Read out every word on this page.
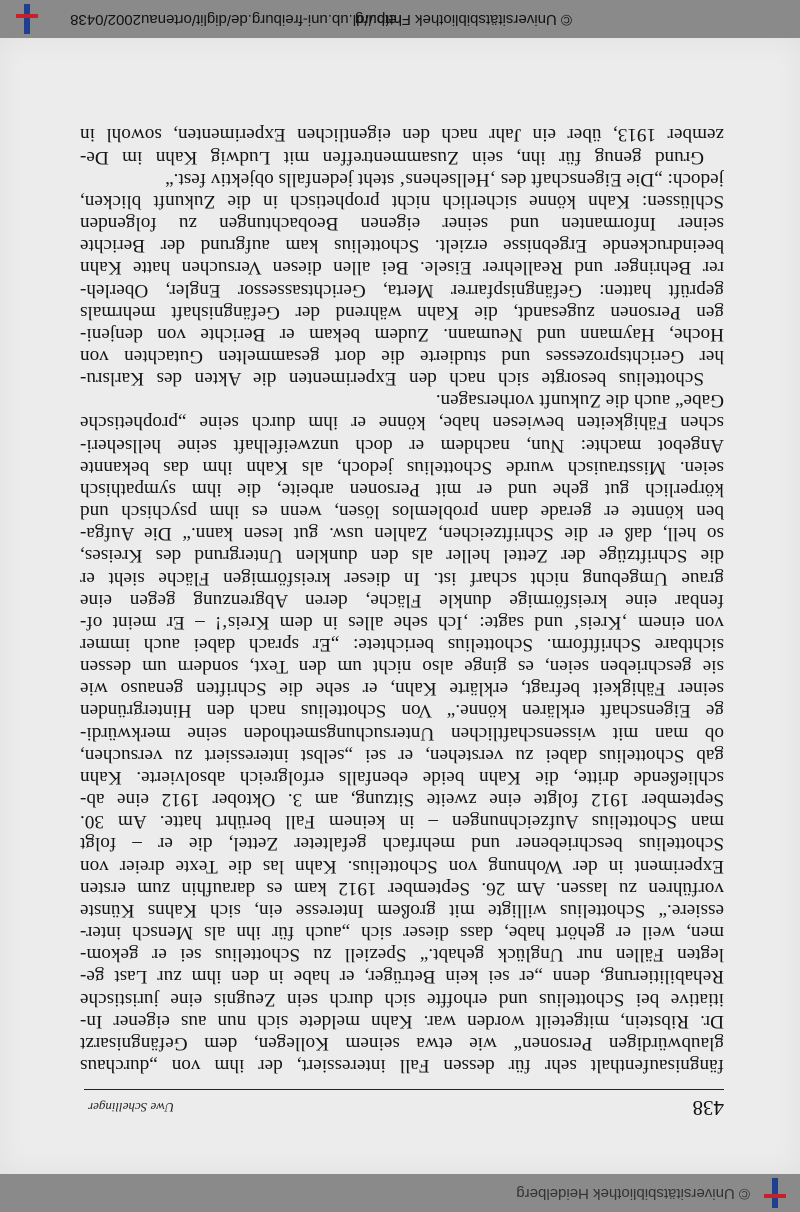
© Universitätsbibliothek Heidelberg
438
Uwe Schellinger
fängnisaufenthalt sehr für dessen Fall interessiert, der ihm von „durchaus
glaubwürdigen Personen“ wie etwa seinem Kollegen, dem Gefängnisarzt
Dr. Ribstein, mitgeteilt worden war. Kahn meldete sich nun aus eigener In-
itiative bei Schottelius und erhoffte sich durch sein Zeugnis eine juristische
Rehabilitierung, denn „er sei kein Betrüger, er habe in den ihm zur Last ge-
legten Fällen nur Unglück gehabt.“ Speziell zu Schottelius sei er gekom-
men, weil er gehört habe, dass dieser sich „auch für ihn als Mensch inter-
essiere.“ Schottelius willigte mit großem Interesse ein, sich Kahns Künste
vorführen zu lassen. Am 26. September 1912 kam es daraufhin zum ersten
Experiment in der Wohnung von Schottelius. Kahn las die Texte dreier von
Schottelius beschriebener und mehrfach gefalteter Zettel, die er – folgt
man Schottelius Aufzeichnungen – in keinem Fall berührt hatte. Am 30.
September 1912 folgte eine zweite Sitzung, am 3. Oktober 1912 eine ab-
schließende dritte, die Kahn beide ebenfalls erfolgreich absolvierte. Kahn
gab Schottelius dabei zu verstehen, er sei „selbst interessiert zu versuchen,
ob man mit wissenschaftlichen Untersuchungsmethoden seine merkwürdi-
ge Eigenschaft erklären könne.“ Von Schottelius nach den Hintergründen
seiner Fähigkeit befragt, erklärte Kahn, er sehe die Schriften genauso wie
sie geschrieben seien, es ginge also nicht um den Text, sondern um dessen
sichtbare Schriftform. Schottelius berichtete: „Er sprach dabei auch immer
von einem ‚Kreis‘ und sagte: ‚Ich sehe alles in dem Kreis‘! – Er meint of-
fenbar eine kreisförmige dunkle Fläche, deren Abgrenzung gegen eine
graue Umgebung nicht scharf ist. In dieser kreisförmigen Fläche sieht er
die Schriftzüge der Zettel heller als den dunklen Untergrund des Kreises,
so hell, daß er die Schriftzeichen, Zahlen usw. gut lesen kann.“ Die Aufga-
ben könnte er gerade dann problemlos lösen, wenn es ihm psychisch und
körperlich gut gehe und er mit Personen arbeite, die ihm sympathisch
seien. Misstrauisch wurde Schottelius jedoch, als Kahn ihm das bekannte
Angebot machte: Nun, nachdem er doch unzweifelhaft seine hellseheri-
schen Fähigkeiten bewiesen habe, könne er ihm durch seine „prophetische
Gabe“ auch die Zukunft vorhersagen.
Schottelius besorgte sich nach den Experimenten die Akten des Karlsru-
her Gerichtsprozesses und studierte die dort gesammelten Gutachten von
Hoche, Haymann und Neumann. Zudem bekam er Berichte von denjeni-
gen Personen zugesandt, die Kahn während der Gefängnishaft mehrmals
geprüft hatten: Gefängnispfarrer Merta, Gerichtsassessor Engler, Oberleh-
rer Behringer und Reallehrer Eisele. Bei allen diesen Versuchen hatte Kahn
beeindruckende Ergebnisse erzielt. Schottelius kam aufgrund der Berichte
seiner Informanten und seiner eigenen Beobachtungen zu folgenden
Schlüssen: Kahn könne sicherlich nicht prophetisch in die Zukunft blicken,
jedoch: „Die Eigenschaft des ‚Hellsehens‘ steht jedenfalls objektiv fest.“
Grund genug für ihn, sein Zusammentreffen mit Ludwig Kahn im De-
zember 1913, über ein Jahr nach den eigentlichen Experimenten, sowohl in
© Universitätsbibliothek Freiburg
http://dl.ub.uni-freiburg.de/diglit/ortenau2002/0438
